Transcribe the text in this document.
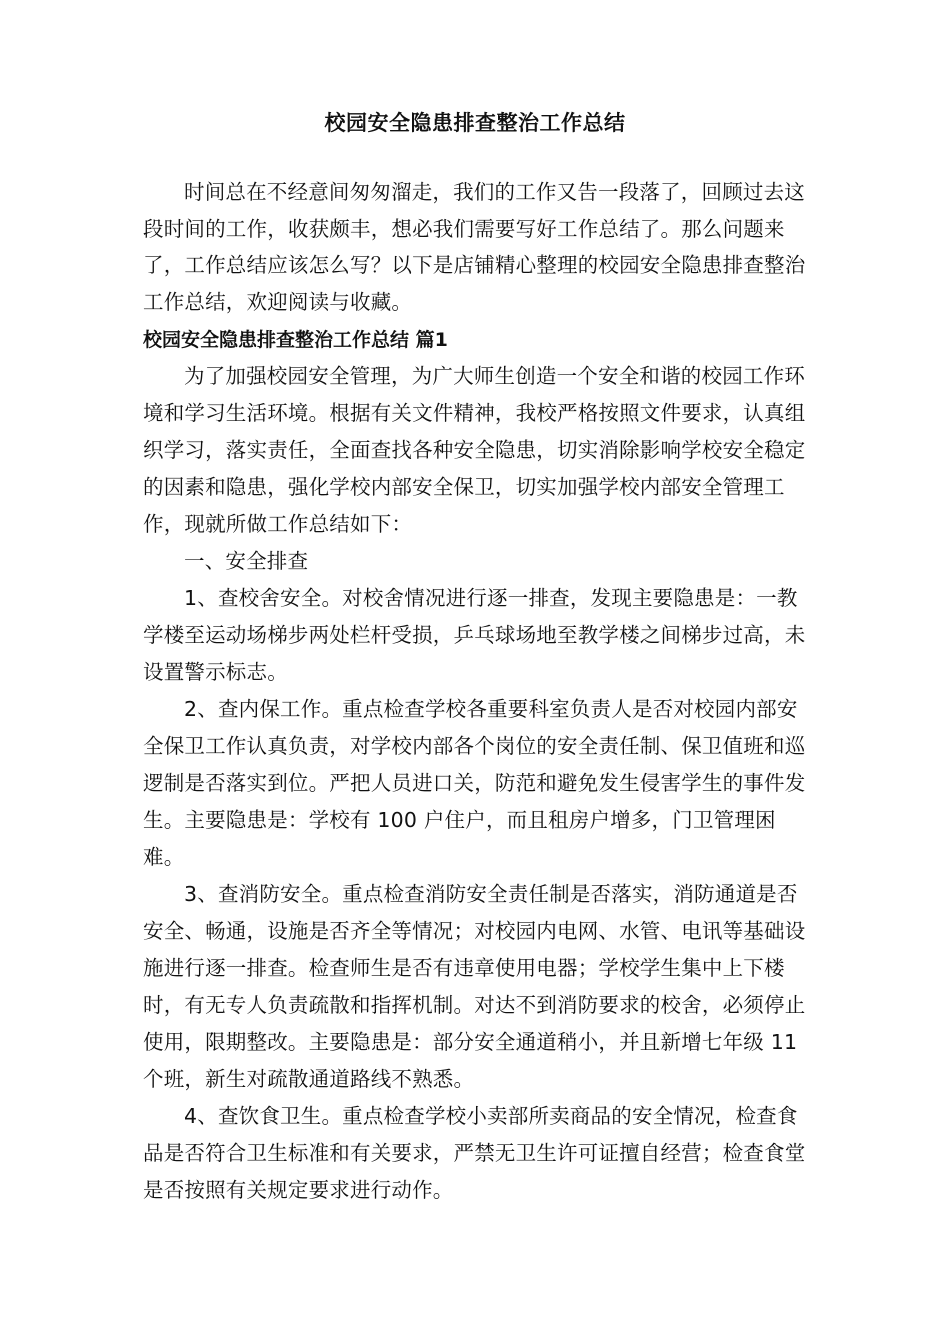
校园安全隐患排查整治工作总结

时间总在不经意间匆匆溜走，我们的工作又告一段落了，回顾过去这段时间的工作，收获颇丰，想必我们需要写好工作总结了。那么问题来了，工作总结应该怎么写？以下是店铺精心整理的校园安全隐患排查整治工作总结，欢迎阅读与收藏。

校园安全隐患排查整治工作总结 篇1

为了加强校园安全管理，为广大师生创造一个安全和谐的校园工作环境和学习生活环境。根据有关文件精神，我校严格按照文件要求，认真组织学习，落实责任，全面查找各种安全隐患，切实消除影响学校安全稳定的因素和隐患，强化学校内部安全保卫，切实加强学校内部安全管理工作，现就所做工作总结如下：

一、安全排查

1、查校舍安全。对校舍情况进行逐一排查，发现主要隐患是：一教学楼至运动场梯步两处栏杆受损，乒乓球场地至教学楼之间梯步过高，未设置警示标志。

2、查内保工作。重点检查学校各重要科室负责人是否对校园内部安全保卫工作认真负责，对学校内部各个岗位的安全责任制、保卫值班和巡逻制是否落实到位。严把人员进口关，防范和避免发生侵害学生的事件发生。主要隐患是：学校有 100 户住户，而且租房户增多，门卫管理困难。

3、查消防安全。重点检查消防安全责任制是否落实，消防通道是否安全、畅通，设施是否齐全等情况；对校园内电网、水管、电讯等基础设施进行逐一排查。检查师生是否有违章使用电器；学校学生集中上下楼时，有无专人负责疏散和指挥机制。对达不到消防要求的校舍，必须停止使用，限期整改。主要隐患是：部分安全通道稍小，并且新增七年级 11 个班，新生对疏散通道路线不熟悉。

4、查饮食卫生。重点检查学校小卖部所卖商品的安全情况，检查食品是否符合卫生标准和有关要求，严禁无卫生许可证擅自经营；检查食堂是否按照有关规定要求进行动作。
